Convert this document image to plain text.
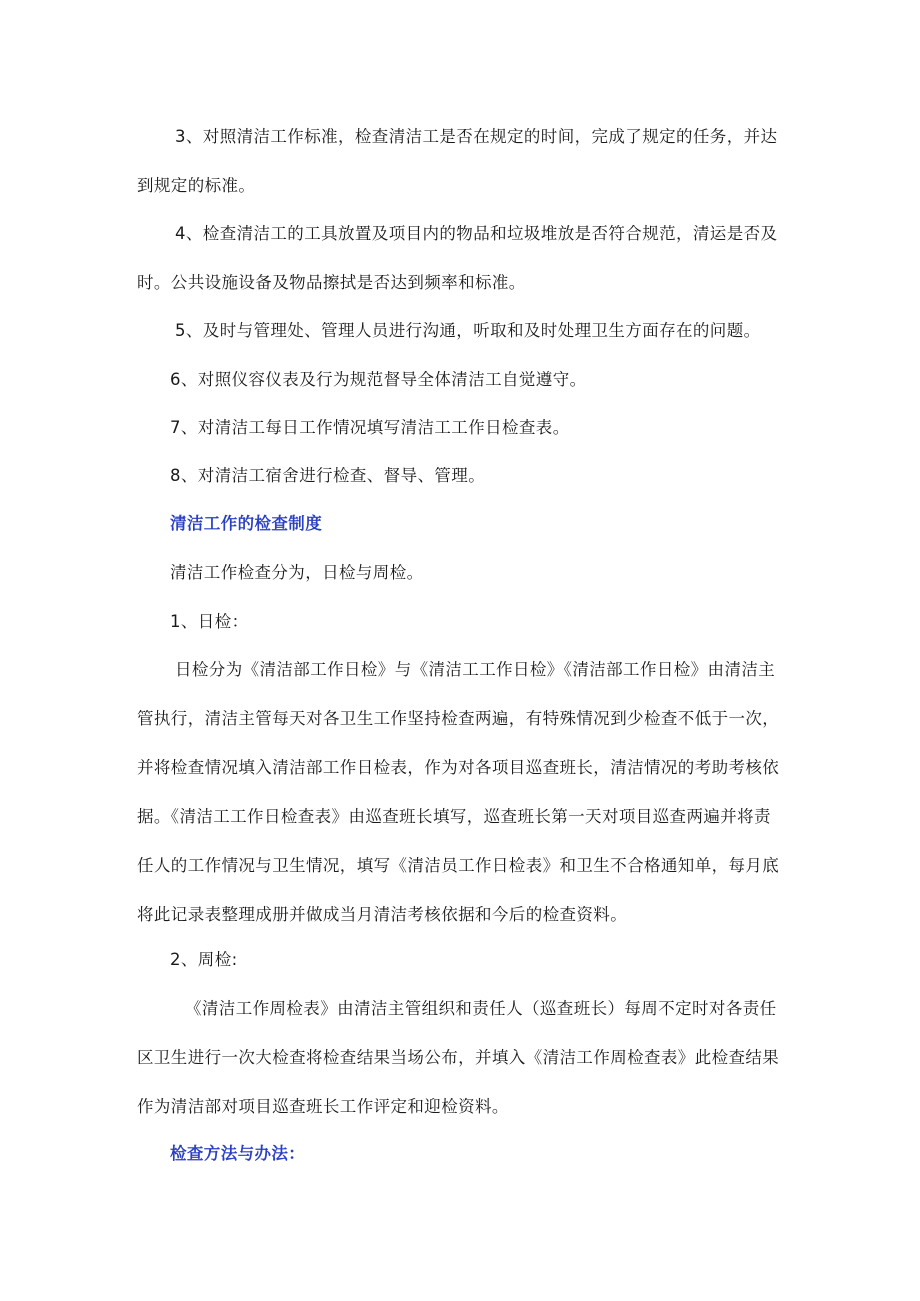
3、对照清洁工作标准，检查清洁工是否在规定的时间，完成了规定的任务，并达到规定的标准。

4、检查清洁工的工具放置及项目内的物品和垃圾堆放是否符合规范，清运是否及时。公共设施设备及物品擦拭是否达到频率和标准。

5、及时与管理处、管理人员进行沟通，听取和及时处理卫生方面存在的问题。

6、对照仪容仪表及行为规范督导全体清洁工自觉遵守。

7、对清洁工每日工作情况填写清洁工工作日检查表。

8、对清洁工宿舍进行检查、督导、管理。

清洁工作的检查制度

清洁工作检查分为，日检与周检。

1、日检：

日检分为《清洁部工作日检》与《清洁工工作日检》《清洁部工作日检》由清洁主管执行，清洁主管每天对各卫生工作坚持检查两遍，有特殊情况到少检查不低于一次，并将检查情况填入清洁部工作日检表，作为对各项目巡查班长，清洁情况的考助考核依据。《清洁工工作日检查表》由巡查班长填写，巡查班长第一天对项目巡查两遍并将责任人的工作情况与卫生情况，填写《清洁员工作日检表》和卫生不合格通知单，每月底将此记录表整理成册并做成当月清洁考核依据和今后的检查资料。

2、周检:

《清洁工作周检表》由清洁主管组织和责任人（巡查班长）每周不定时对各责任区卫生进行一次大检查将检查结果当场公布，并填入《清洁工作周检查表》此检查结果作为清洁部对项目巡查班长工作评定和迎检资料。

检查方法与办法：
